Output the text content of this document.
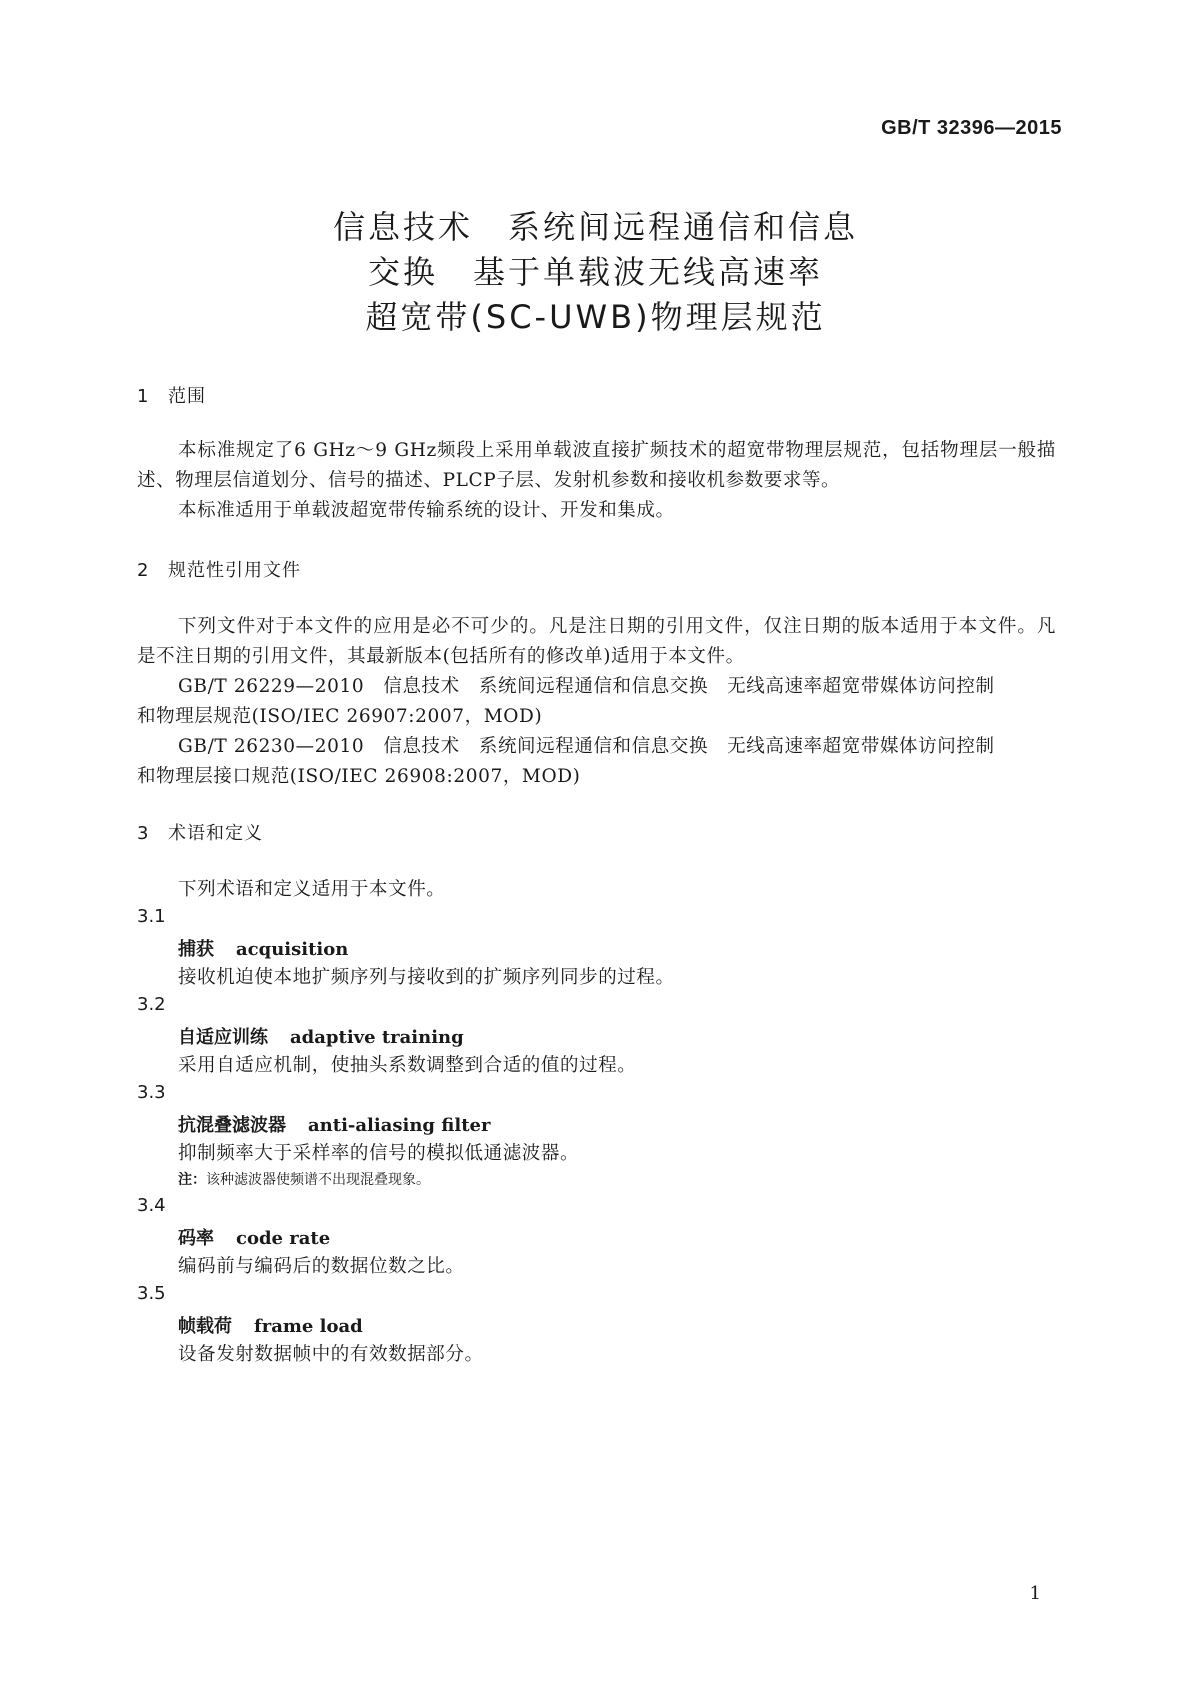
GB/T 32396—2015
信息技术　系统间远程通信和信息
交换　基于单载波无线高速率
超宽带(SC-UWB)物理层规范
1 范围
本标准规定了6 GHz～9 GHz频段上采用单载波直接扩频技术的超宽带物理层规范，包括物理层一般描述、物理层信道划分、信号的描述、PLCP子层、发射机参数和接收机参数要求等。
本标准适用于单载波超宽带传输系统的设计、开发和集成。
2 规范性引用文件
下列文件对于本文件的应用是必不可少的。凡是注日期的引用文件，仅注日期的版本适用于本文件。凡是不注日期的引用文件，其最新版本(包括所有的修改单)适用于本文件。
GB/T 26229—2010　信息技术　系统间远程通信和信息交换　无线高速率超宽带媒体访问控制
和物理层规范(ISO/IEC 26907:2007，MOD)
GB/T 26230—2010　信息技术　系统间远程通信和信息交换　无线高速率超宽带媒体访问控制
和物理层接口规范(ISO/IEC 26908:2007，MOD)
3 术语和定义
下列术语和定义适用于本文件。
3.1
捕获 acquisition
接收机迫使本地扩频序列与接收到的扩频序列同步的过程。
3.2
自适应训练 adaptive training
采用自适应机制，使抽头系数调整到合适的值的过程。
3.3
抗混叠滤波器 anti-aliasing filter
抑制频率大于采样率的信号的模拟低通滤波器。
注：该种滤波器使频谱不出现混叠现象。
3.4
码率 code rate
编码前与编码后的数据位数之比。
3.5
帧载荷 frame load
设备发射数据帧中的有效数据部分。
1
